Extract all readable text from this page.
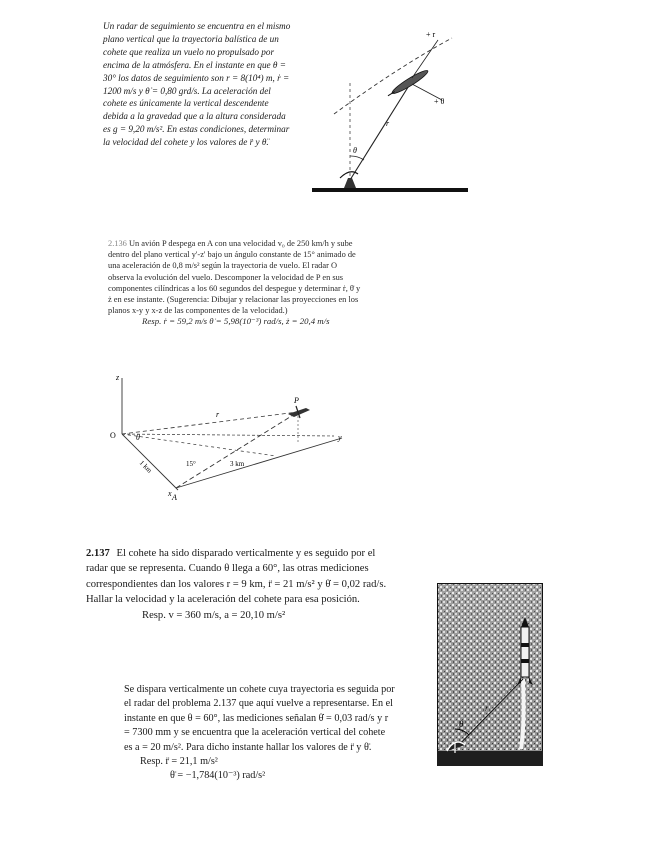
Un radar de seguimiento se encuentra en el mismo plano vertical que la trayectoria balística de un cohete que realiza un vuelo no propulsado por encima de la atmósfera. En el instante en que θ = 30° los datos de seguimiento son r = 8(10⁴) m, ṙ = 1200 m/s y θ̇ = 0,80 grd/s. La aceleración del cohete es únicamente la vertical descendente debida a la gravedad que a la altura considerada es g = 9,20 m/s². En estas condiciones, determinar la velocidad del cohete y los valores de r̈ y θ̈.

+ r
+ θ
r
θ

2.136 Un avión P despega en A con una velocidad v₀ de 250 km/h y sube dentro del plano vertical y'-z' bajo un ángulo constante de 15° animado de una aceleración de 0,8 m/s² según la trayectoria de vuelo. El radar O observa la evolución del vuelo. Descomponer la velocidad de P en sus componentes cilíndricas a los 60 segundos del despegue y determinar ṙ, θ̇ y ż en ese instante. (Sugerencia: Dibujar y relacionar las proyecciones en los planos x-y y x-z de las componentes de la velocidad.)

Resp. ṙ = 59,2 m/s θ̇ = 5,98(10⁻³) rad/s, ż = 20,4 m/s

z
x
y
r
θ
O
15°
1 km	3 km
A
P

2.137 El cohete ha sido disparado verticalmente y es seguido por el radar que se representa. Cuando θ llega a 60°, las otras mediciones correspondientes dan los valores r = 9 km, r̈ = 21 m/s² y θ̇ = 0,02 rad/s. Hallar la velocidad y la aceleración del cohete para esa posición.

Resp. v = 360 m/s, a = 20,10 m/s²

r
θ

Se dispara verticalmente un cohete cuya trayectoria es seguida por el radar del problema 2.137 que aquí vuelve a representarse. En el instante en que θ = 60°, las mediciones señalan θ̇ = 0,03 rad/s y r = 7300 mm y se encuentra que la aceleración vertical del cohete es a = 20 m/s². Para dicho instante hallar los valores de r̈ y θ̈.

Resp. r̈ = 21,1 m/s²

θ̈ = −1,784(10⁻³) rad/s²
